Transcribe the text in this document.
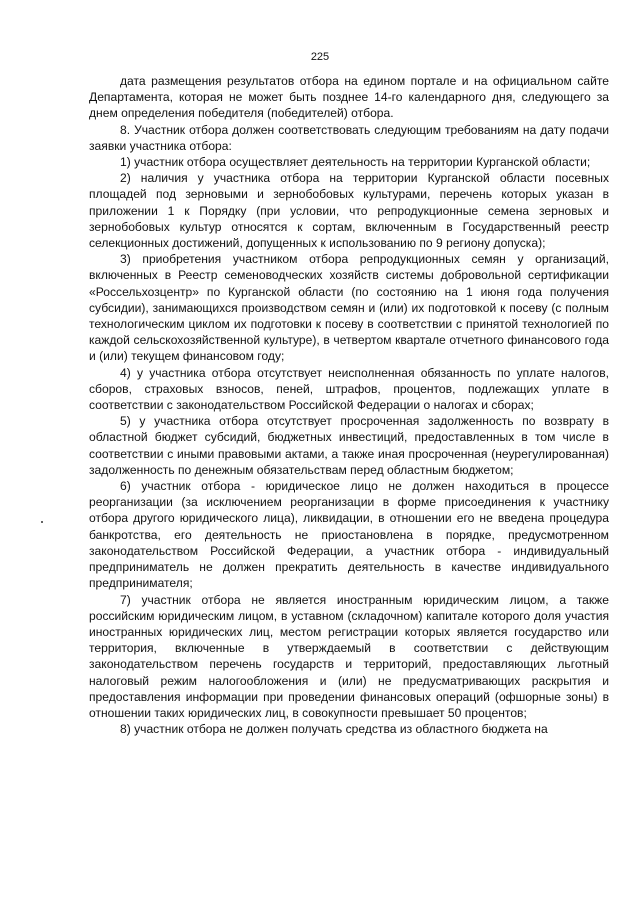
225

дата размещения результатов отбора на едином портале и на официальном сайте Департамента, которая не может быть позднее 14-го календарного дня, следующего за днем определения победителя (победителей) отбора.

8. Участник отбора должен соответствовать следующим требованиям на дату подачи заявки участника отбора:

1) участник отбора осуществляет деятельность на территории Курганской области;

2) наличия у участника отбора на территории Курганской области посевных площадей под зерновыми и зернобобовых культурами, перечень которых указан в приложении 1 к Порядку (при условии, что репродукционные семена зерновых и зернобобовых культур относятся к сортам, включенным в Государственный реестр селекционных достижений, допущенных к использованию по 9 региону допуска);

3) приобретения участником отбора репродукционных семян у организаций, включенных в Реестр семеноводческих хозяйств системы добровольной сертификации «Россельхозцентр» по Курганской области (по состоянию на 1 июня года получения субсидии), занимающихся производством семян и (или) их подготовкой к посеву (с полным технологическим циклом их подготовки к посеву в соответствии с принятой технологией по каждой сельскохозяйственной культуре), в четвертом квартале отчетного финансового года и (или) текущем финансовом году;

4) у участника отбора отсутствует неисполненная обязанность по уплате налогов, сборов, страховых взносов, пеней, штрафов, процентов, подлежащих уплате в соответствии с законодательством Российской Федерации о налогах и сборах;

5) у участника отбора отсутствует просроченная задолженность по возврату в областной бюджет субсидий, бюджетных инвестиций, предоставленных в том числе в соответствии с иными правовыми актами, а также иная просроченная (неурегулированная) задолженность по денежным обязательствам перед областным бюджетом;

6) участник отбора - юридическое лицо не должен находиться в процессе реорганизации (за исключением реорганизации в форме присоединения к участнику отбора другого юридического лица), ликвидации, в отношении его не введена процедура банкротства, его деятельность не приостановлена в порядке, предусмотренном законодательством Российской Федерации, а участник отбора - индивидуальный предприниматель не должен прекратить деятельность в качестве индивидуального предпринимателя;

7) участник отбора не является иностранным юридическим лицом, а также российским юридическим лицом, в уставном (складочном) капитале которого доля участия иностранных юридических лиц, местом регистрации которых является государство или территория, включенные в утверждаемый в соответствии с действующим законодательством перечень государств и территорий, предоставляющих льготный налоговый режим налогообложения и (или) не предусматривающих раскрытия и предоставления информации при проведении финансовых операций (офшорные зоны) в отношении таких юридических лиц, в совокупности превышает 50 процентов;

8) участник отбора не должен получать средства из областного бюджета на
